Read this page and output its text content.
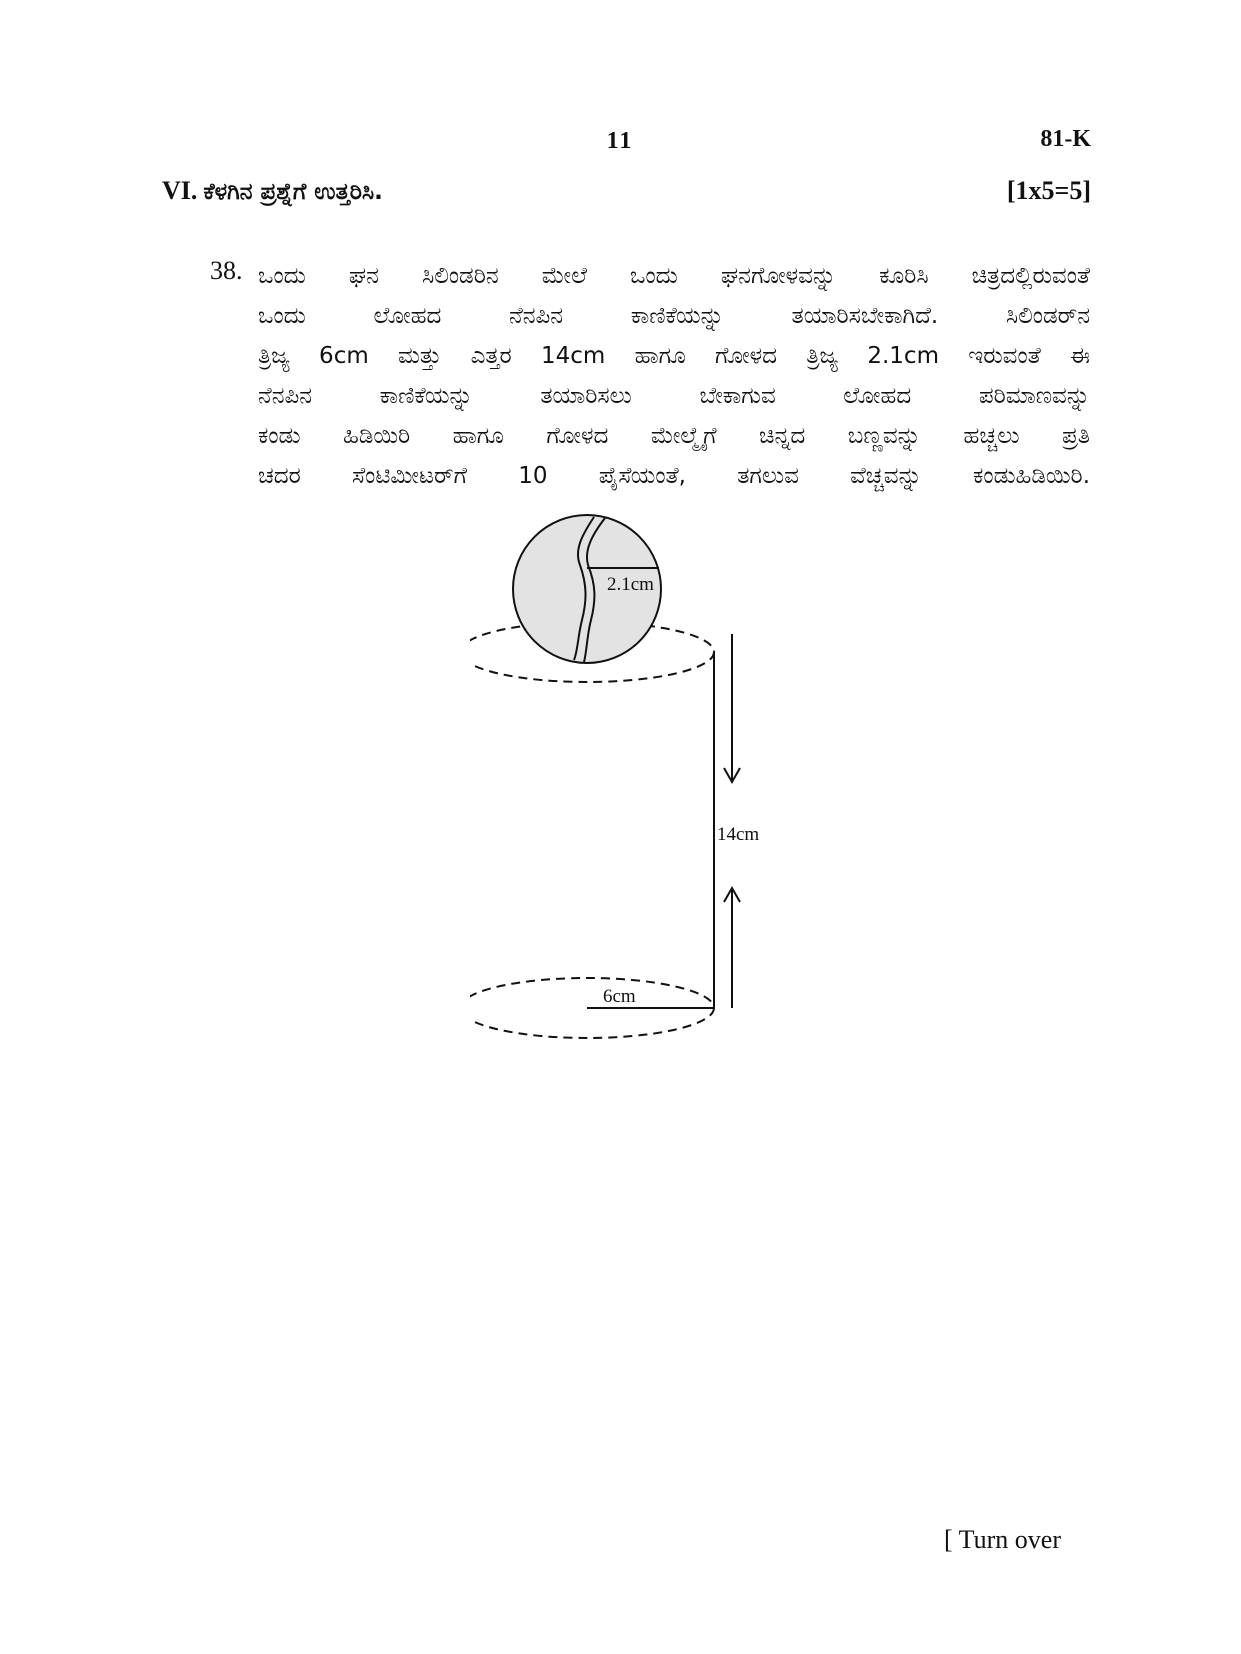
11	81-K
VI. ಕೆಳಗಿನ ಪ್ರಶ್ನೆಗೆ ಉತ್ತರಿಸಿ.	[1x5=5]
38. ಒಂದು ಘನ ಸಿಲಿಂಡರಿನ ಮೇಲೆ ಒಂದು ಘನಗೋಳವನ್ನು ಕೂರಿಸಿ ಚಿತ್ರದಲ್ಲಿರುವಂತೆ
ಒಂದು ಲೋಹದ ನೆನಪಿನ ಕಾಣಿಕೆಯನ್ನು ತಯಾರಿಸಬೇಕಾಗಿದೆ. ಸಿಲಿಂಡರ್‌ನ
ತ್ರಿಜ್ಯ 6cm ಮತ್ತು ಎತ್ತರ 14cm ಹಾಗೂ ಗೋಳದ ತ್ರಿಜ್ಯ 2.1cm ಇರುವಂತೆ ಈ
ನೆನಪಿನ ಕಾಣಿಕೆಯನ್ನು ತಯಾರಿಸಲು ಬೇಕಾಗುವ ಲೋಹದ ಪರಿಮಾಣವನ್ನು
ಕಂಡು ಹಿಡಿಯಿರಿ ಹಾಗೂ ಗೋಳದ ಮೇಲ್ಮೈಗೆ ಚಿನ್ನದ ಬಣ್ಣವನ್ನು ಹಚ್ಚಲು ಪ್ರತಿ
ಚದರ ಸೆಂಟಿಮೀಟರ್‌ಗೆ 10 ಪೈಸೆಯಂತೆ, ತಗಲುವ ವೆಚ್ಚವನ್ನು ಕಂಡುಹಿಡಿಯಿರಿ.
2.1cm
6cm
14cm
[ Turn over
